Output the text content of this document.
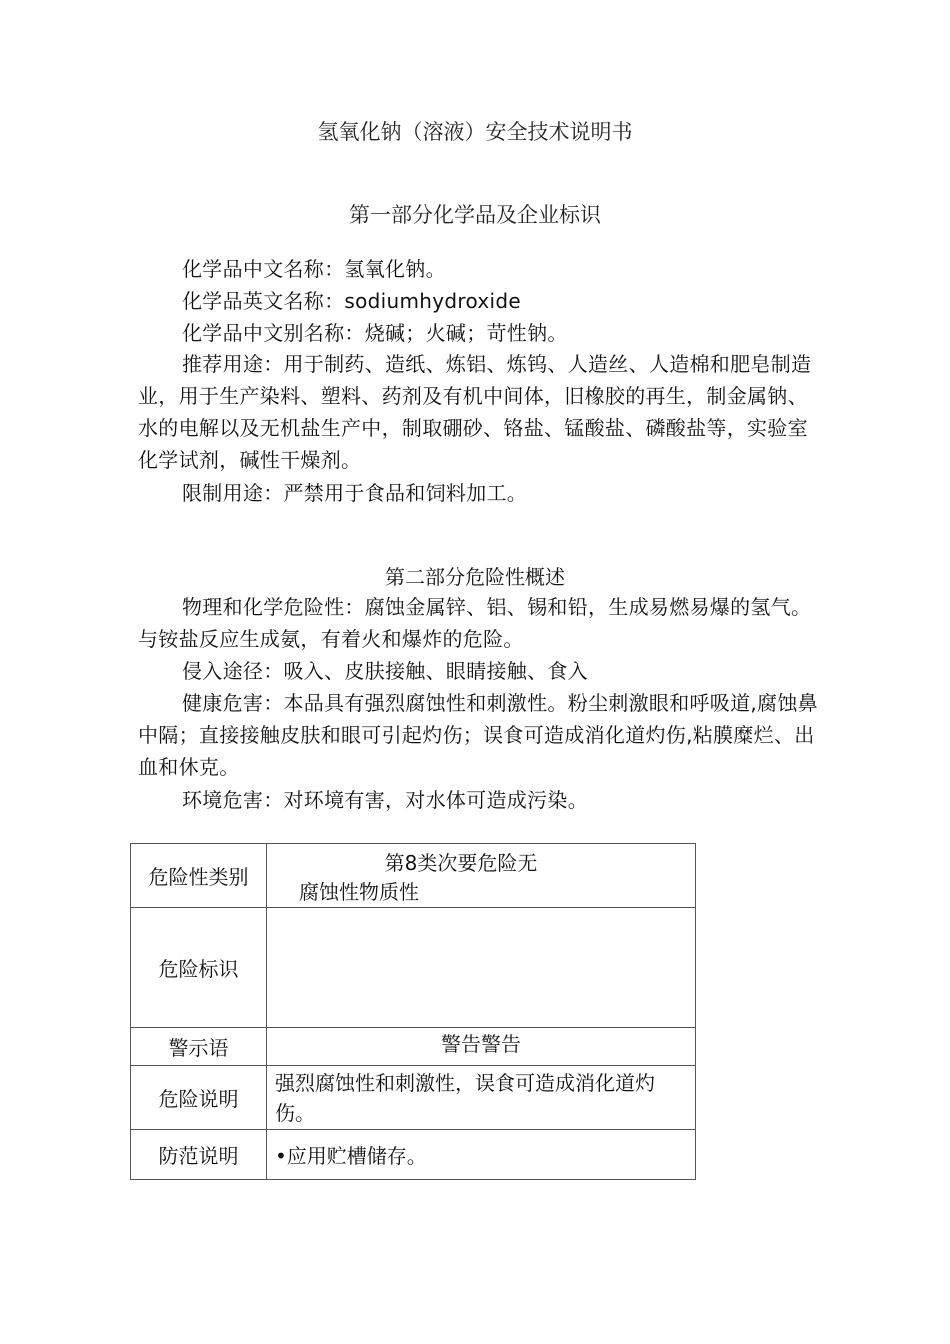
氢氧化钠（溶液）安全技术说明书
第一部分化学品及企业标识

化学品中文名称：氢氧化钠。

化学品英文名称：sodiumhydroxide

化学品中文别名称：烧碱；火碱；苛性钠。

推荐用途：用于制药、造纸、炼铝、炼钨、人造丝、人造棉和肥皂制造业，用于生产染料、塑料、药剂及有机中间体，旧橡胶的再生，制金属钠、水的电解以及无机盐生产中，制取硼砂、铬盐、锰酸盐、磷酸盐等，实验室化学试剂，碱性干燥剂。

限制用途：严禁用于食品和饲料加工。

第二部分危险性概述

物理和化学危险性：腐蚀金属锌、铝、锡和铅，生成易燃易爆的氢气。与铵盐反应生成氨，有着火和爆炸的危险。

侵入途径：吸入、皮肤接触、眼睛接触、食入

健康危害：本品具有强烈腐蚀性和刺激性。粉尘刺激眼和呼吸道,腐蚀鼻中隔；直接接触皮肤和眼可引起灼伤；误食可造成消化道灼伤,粘膜糜烂、出血和休克。

环境危害：对环境有害，对水体可造成污染。

危险性类别	第8类次要危险无
腐蚀性物质性

危险标识	
警示语	警告警告
危险说明	强烈腐蚀性和刺激性，误食可造成消化道灼伤。
防范说明	•应用贮槽储存。
